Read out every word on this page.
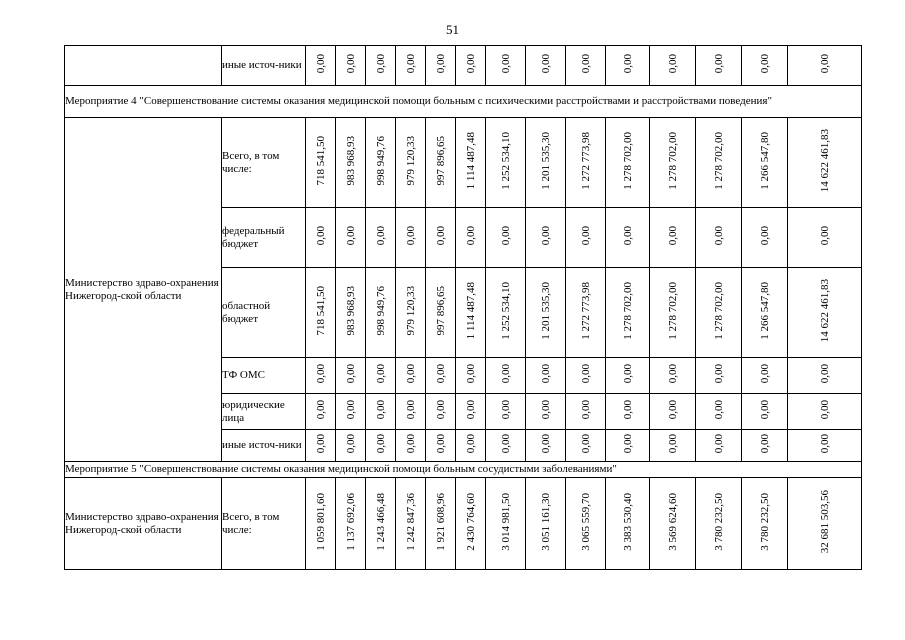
51
	иные источ-ники	0,00	0,00	0,00	0,00	0,00	0,00	0,00	0,00	0,00	0,00	0,00	0,00	0,00	0,00
Мероприятие 4 "Совершенствование системы оказания медицинской помощи больным с психическими расстройствами и расстройствами поведения"															
Министерство здраво-охранения Нижегород-ской области	Всего, в том числе:	718 541,50	983 968,93	998 949,76	979 120,33	997 896,65	1 114 487,48	1 252 534,10	1 201 535,30	1 272 773,98	1 278 702,00	1 278 702,00	1 278 702,00	1 266 547,80	14 622 461,83
	федеральный бюджет	0,00	0,00	0,00	0,00	0,00	0,00	0,00	0,00	0,00	0,00	0,00	0,00	0,00	0,00
	областной бюджет	718 541,50	983 968,93	998 949,76	979 120,33	997 896,65	1 114 487,48	1 252 534,10	1 201 535,30	1 272 773,98	1 278 702,00	1 278 702,00	1 278 702,00	1 266 547,80	14 622 461,83
	ТФ ОМС	0,00	0,00	0,00	0,00	0,00	0,00	0,00	0,00	0,00	0,00	0,00	0,00	0,00	0,00
	юридические лица	0,00	0,00	0,00	0,00	0,00	0,00	0,00	0,00	0,00	0,00	0,00	0,00	0,00	0,00
	иные источ-ники	0,00	0,00	0,00	0,00	0,00	0,00	0,00	0,00	0,00	0,00	0,00	0,00	0,00	0,00
Мероприятие 5 "Совершенствование системы оказания медицинской помощи больным сосудистыми заболеваниями"															
Министерство здраво-охранения Нижегород-ской области	Всего, в том числе:	1 059 801,60	1 137 692,06	1 243 466,48	1 242 847,36	1 921 608,96	2 430 764,60	3 014 981,50	3 051 161,30	3 065 559,70	3 383 530,40	3 569 624,60	3 780 232,50	3 780 232,50	32 681 503,56
